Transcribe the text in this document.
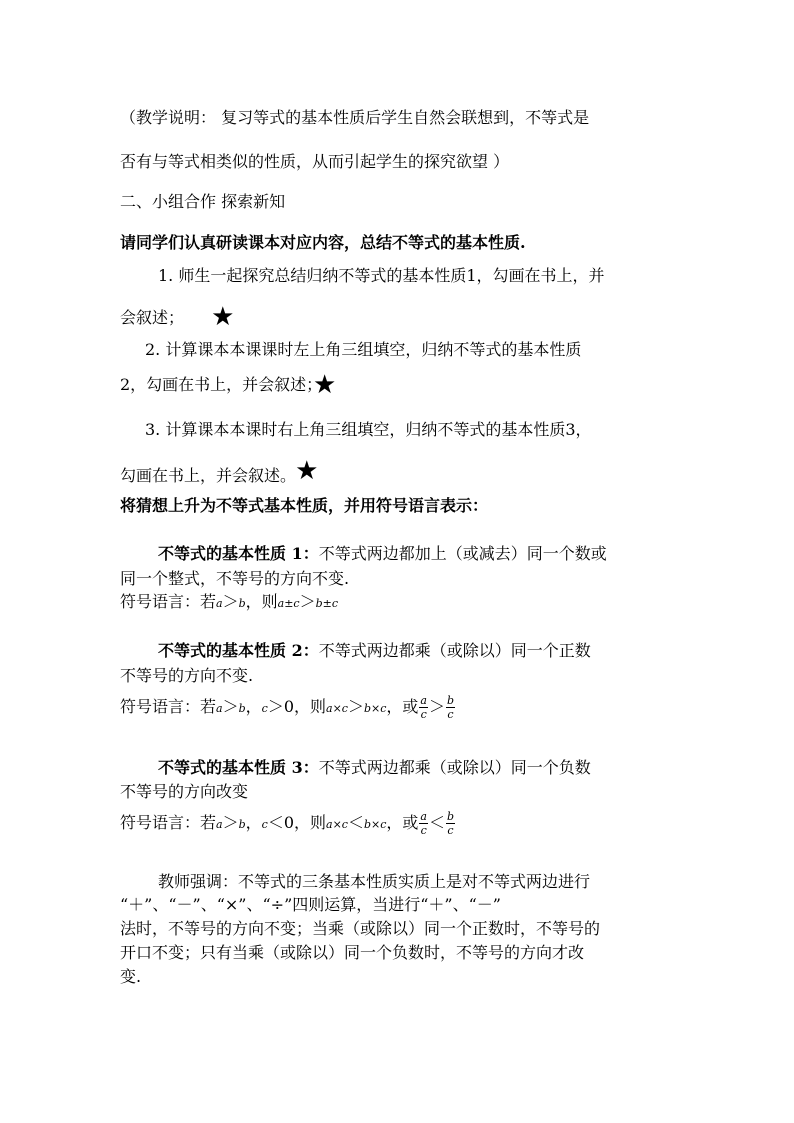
（教学说明： 复习等式的基本性质后学生自然会联想到，不等式是
否有与等式相类似的性质，从而引起学生的探究欲望 ）
二、小组合作 探索新知
请同学们认真研读课本对应内容，总结不等式的基本性质.
1. 师生一起探究总结归纳不等式的基本性质1，勾画在书上，并
会叙述； ★
2. 计算课本本课课时左上角三组填空，归纳不等式的基本性质
2，勾画在书上，并会叙述；
★
3. 计算课本本课时右上角三组填空，归纳不等式的基本性质3，
勾画在书上，并会叙述。 ★
将猜想上升为不等式基本性质，并用符号语言表示：
不等式的基本性质 1：不等式两边都加上（或减去）同一个数或
同一个整式，不等号的方向不变.
符号语言：若a＞b，则a±c＞b±c
不等式的基本性质 2：不等式两边都乘（或除以）同一个正数
不等号的方向不变.
符号语言：若a＞b，c＞0，则a×c＞b×c，或 $\frac{a}{c} > \frac{b}{c}$
不等式的基本性质 3：不等式两边都乘（或除以）同一个负数
不等号的方向改变
符号语言：若a＞b，c＜0，则a×c＜b×c，或 $\frac{a}{c} < \frac{b}{c}$
教师强调：不等式的三条基本性质实质上是对不等式两边进行
“＋”、“－”、“×”、“÷”四则运算，当进行“＋”、“－”
法时，不等号的方向不变；当乘（或除以）同一个正数时，不等号的
开口不变；只有当乘（或除以）同一个负数时，不等号的方向才改
变.
